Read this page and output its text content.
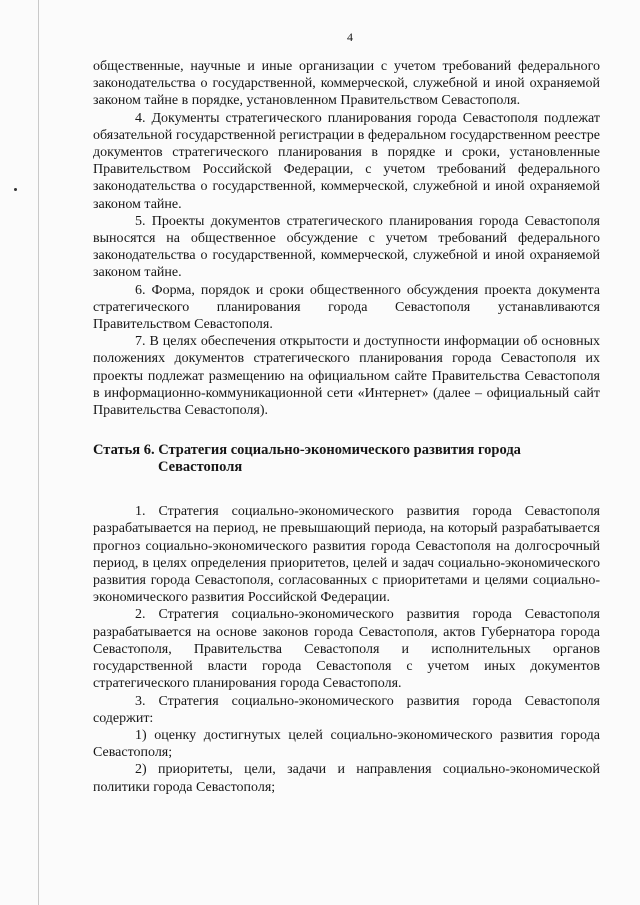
4

общественные, научные и иные организации с учетом требований федерального законодательства о государственной, коммерческой, служебной и иной охраняемой законом тайне в порядке, установленном Правительством Севастополя.

4. Документы стратегического планирования города Севастополя подлежат обязательной государственной регистрации в федеральном государственном реестре документов стратегического планирования в порядке и сроки, установленные Правительством Российской Федерации, с учетом требований федерального законодательства о государственной, коммерческой, служебной и иной охраняемой законом тайне.

5. Проекты документов стратегического планирования города Севастополя выносятся на общественное обсуждение с учетом требований федерального законодательства о государственной, коммерческой, служебной и иной охраняемой законом тайне.

6. Форма, порядок и сроки общественного обсуждения проекта документа стратегического планирования города Севастополя устанавливаются Правительством Севастополя.

7. В целях обеспечения открытости и доступности информации об основных положениях документов стратегического планирования города Севастополя их проекты подлежат размещению на официальном сайте Правительства Севастополя в информационно-коммуникационной сети «Интернет» (далее – официальный сайт Правительства Севастополя).

Статья 6. Стратегия социально-экономического развития города Севастополя

1. Стратегия социально-экономического развития города Севастополя разрабатывается на период, не превышающий периода, на который разрабатывается прогноз социально-экономического развития города Севастополя на долгосрочный период, в целях определения приоритетов, целей и задач социально-экономического развития города Севастополя, согласованных с приоритетами и целями социально-экономического развития Российской Федерации.

2. Стратегия социально-экономического развития города Севастополя разрабатывается на основе законов города Севастополя, актов Губернатора города Севастополя, Правительства Севастополя и исполнительных органов государственной власти города Севастополя с учетом иных документов стратегического планирования города Севастополя.

3. Стратегия социально-экономического развития города Севастополя содержит:

1) оценку достигнутых целей социально-экономического развития города Севастополя;

2) приоритеты, цели, задачи и направления социально-экономической политики города Севастополя;
